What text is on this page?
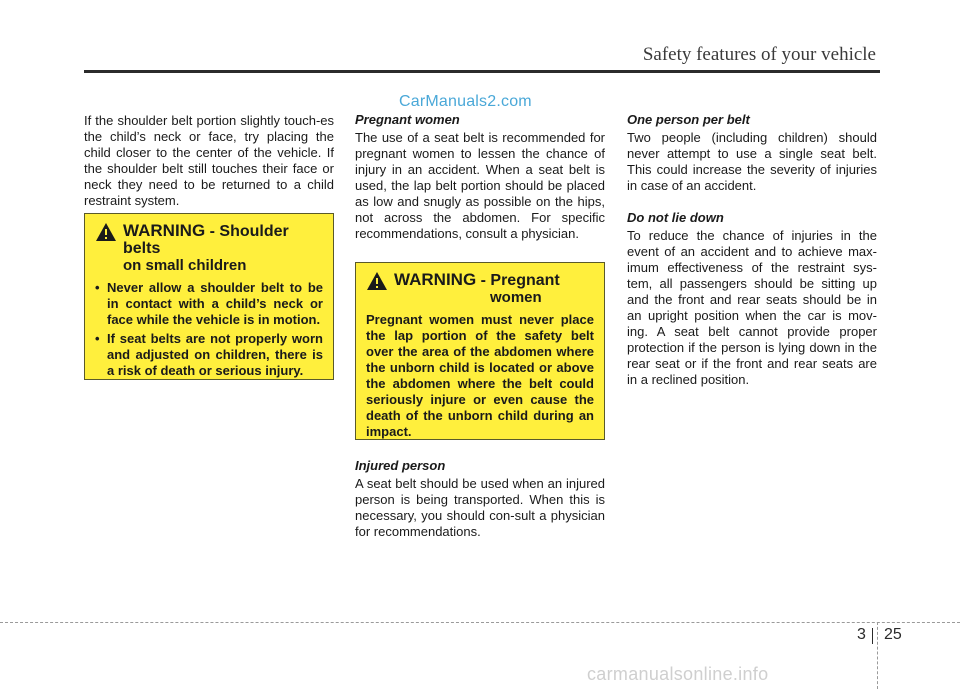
Safety features of your vehicle
CarManuals2.com

If the shoulder belt portion slightly touch-es the child’s neck or face, try placing the child closer to the center of the vehicle. If the shoulder belt still touches their face or neck they need to be returned to a child restraint system.

WARNING - Shoulder belts
on small children
• Never allow a shoulder belt to be in contact with a child’s neck or face while the vehicle is in motion.
• If seat belts are not properly worn and adjusted on children, there is a risk of death or serious injury.
Pregnant women

The use of a seat belt is recommended for pregnant women to lessen the chance of injury in an accident. When a seat belt is used, the lap belt portion should be placed as low and snugly as possible on the hips, not across the abdomen. For specific recommendations, consult a physician.

WARNING - Pregnant
women
Pregnant women must never place the lap portion of the safety belt over the area of the abdomen where the unborn child is located or above the abdomen where the belt could seriously injure or even cause the death of the unborn child during an impact.
Injured person

A seat belt should be used when an injured person is being transported. When this is necessary, you should con-sult a physician for recommendations.

One person per belt

Two people (including children) should never attempt to use a single seat belt. This could increase the severity of injuries in case of an accident.

Do not lie down

To reduce the chance of injuries in the event of an accident and to achieve max-imum effectiveness of the restraint sys-tem, all passengers should be sitting up and the front and rear seats should be in an upright position when the car is mov-ing. A seat belt cannot provide proper protection if the person is lying down in the rear seat or if the front and rear seats are in a reclined position.

3 25
carmanualsonline.info
